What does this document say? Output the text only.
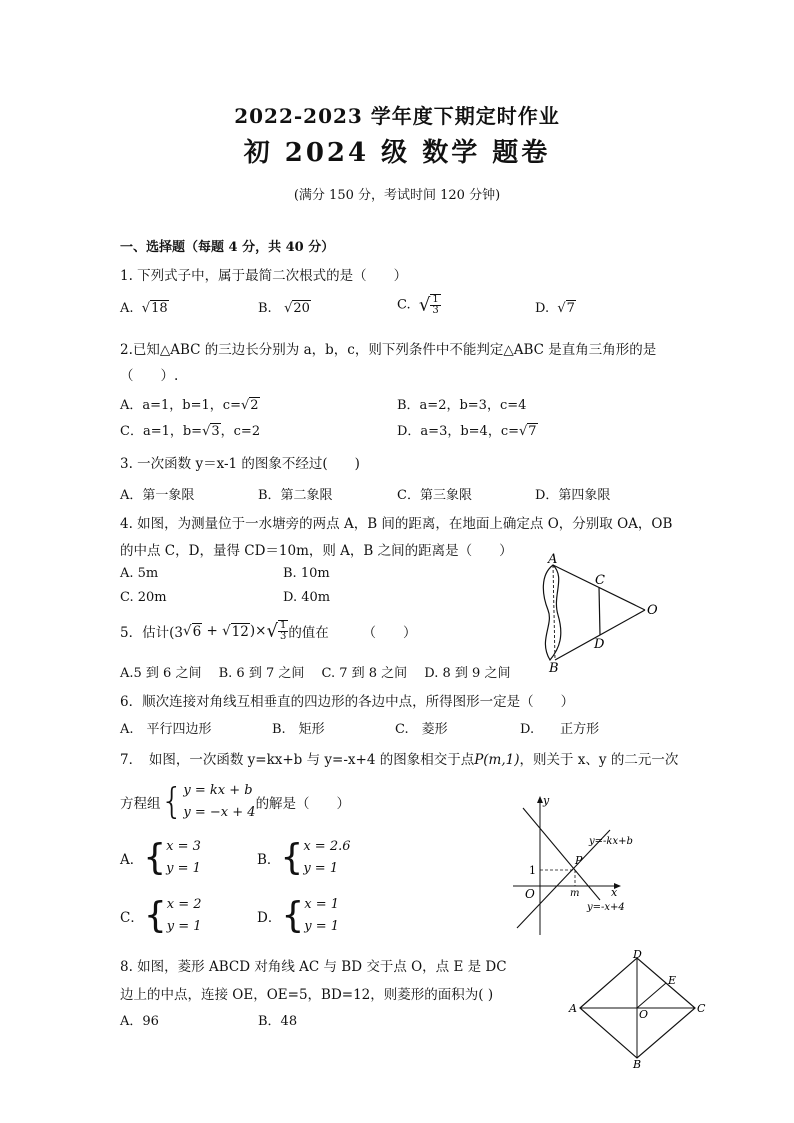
2022-2023 学年度下期定时作业
初 2024 级 数学 题卷
(满分 150 分，考试时间 120 分钟)
一、选择题（每题 4 分，共 40 分）
1. 下列式子中，属于最简二次根式的是（　　）
A.  √18	B.   √20	C. √ $\frac{1}{3}$	D.  √7
2.已知△ABC 的三边长分别为 a，b，c，则下列条件中不能判定△ABC 是直角三角形的是
（　　）.
A．a=1，b=1，c=√2	B．a=2，b=3，c=4
C．a=1，b=√3，c=2	D．a=3，b=4，c=√7
3. 一次函数 y＝x-1 的图象不经过(　　)
A．第一象限	B．第二象限	C．第三象限	D．第四象限
4. 如图，为测量位于一水塘旁的两点 A，B 间的距离，在地面上确定点 O，分别取 OA，OB
的中点 C，D，量得 CD＝10m，则 A，B 之间的距离是（　　）
A. 5m	B. 10m
C. 20m	D. 40m
A
B
C
D
O
5．估计$(3√6 + √12)\times√ \frac{1}{3}$ 的值在　　　（　　）
A.5 到 6 之间　 B. 6 到 7 之间　 C. 7 到 8 之间　 D. 8 到 9 之间
6．顺次连接对角线互相垂直的四边形的各边中点，所得图形一定是（　　）
A.　平行四边形	B.　矩形	C.　菱形	D.　　正方形
7．　如图，一次函数 y=kx+b 与 y=-x+4 的图象相交于点P(m,1)，则关于 x、y 的二元一次
方程组{ y = kx + b
y = −x + 4
的解是（　　）
A．{ x = 3
y = 1
B．{ x = 2.6
y = 1
C．{ x = 2
y = 1
D．{ x = 1
y = 1
y
x
O
1
m
P
y=-kx+b
y=-x+4
8. 如图，菱形 ABCD 对角线 AC 与 BD 交于点 O，点 E 是 DC
边上的中点，连接 OE，OE=5，BD=12，则菱形的面积为( )
A．96	B．48
A
B
C
D
E
O
